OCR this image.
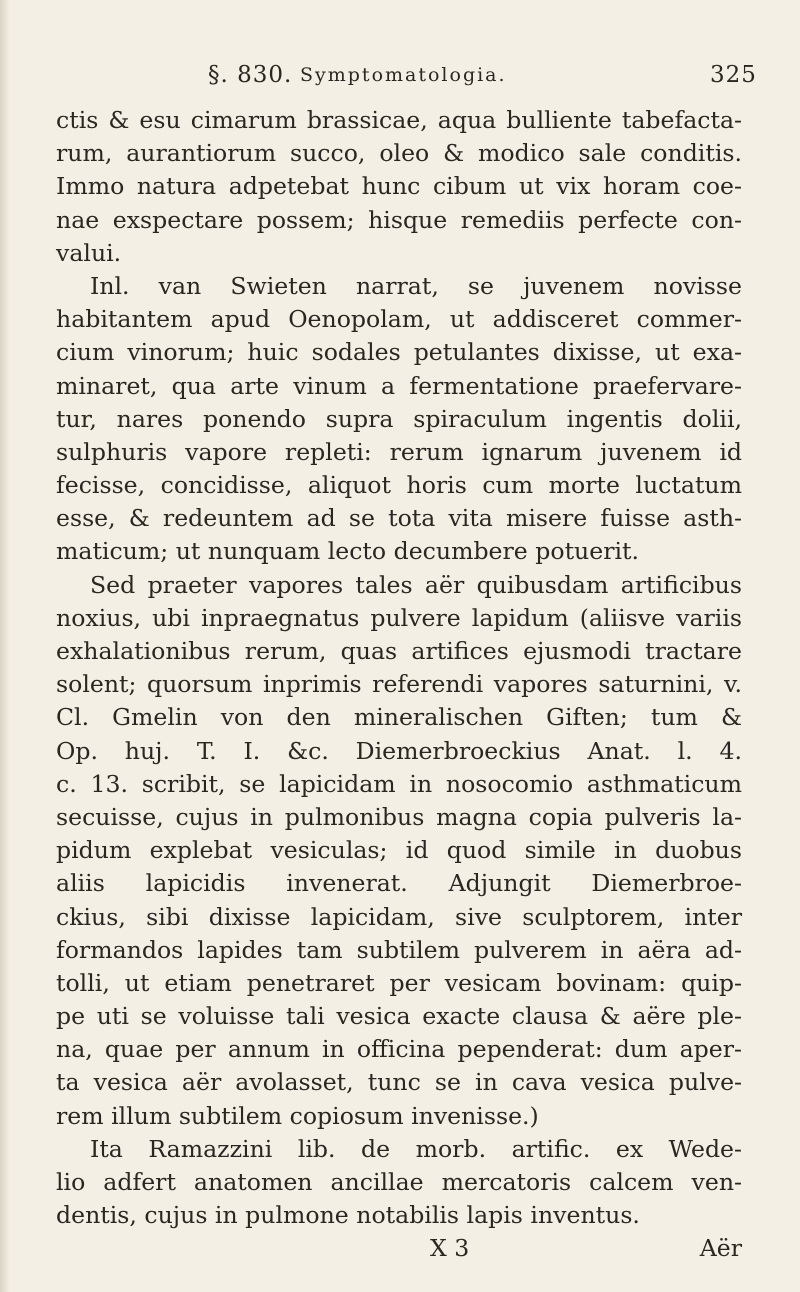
§. 830. Symptomatologia.	325
ctis & esu cimarum brassicae, aqua bulliente tabefacta-
rum, aurantiorum succo, oleo & modico sale conditis.
Immo natura adpetebat hunc cibum ut vix horam coe-
nae exspectare possem; hisque remediis perfecte con-
valui.
Inl. van Swieten narrat, se juvenem novisse
habitantem apud Oenopolam, ut addisceret commer-
cium vinorum; huic sodales petulantes dixisse, ut exa-
minaret, qua arte vinum a fermentatione praefervare-
tur, nares ponendo supra spiraculum ingentis dolii,
sulphuris vapore repleti: rerum ignarum juvenem id
fecisse, concidisse, aliquot horis cum morte luctatum
esse, & redeuntem ad se tota vita misere fuisse asth-
maticum; ut nunquam lecto decumbere potuerit.
Sed praeter vapores tales aër quibusdam artificibus
noxius, ubi inpraegnatus pulvere lapidum (aliisve variis
exhalationibus rerum, quas artifices ejusmodi tractare
solent; quorsum inprimis referendi vapores saturnini, v.
Cl. Gmelin von den mineralischen Giften; tum &
Op. huj. T. I. &c. Diemerbroeckius Anat. l. 4.
c. 13. scribit, se lapicidam in nosocomio asthmaticum
secuisse, cujus in pulmonibus magna copia pulveris la-
pidum explebat vesiculas; id quod simile in duobus
aliis lapicidis invenerat. Adjungit Diemerbroe-
ckius, sibi dixisse lapicidam, sive sculptorem, inter
formandos lapides tam subtilem pulverem in aëra ad-
tolli, ut etiam penetraret per vesicam bovinam: quip-
pe uti se voluisse tali vesica exacte clausa & aëre ple-
na, quae per annum in officina pependerat: dum aper-
ta vesica aër avolasset, tunc se in cava vesica pulve-
rem illum subtilem copiosum invenisse.)
Ita Ramazzini lib. de morb. artific. ex Wede-
lio adfert anatomen ancillae mercatoris calcem ven-
dentis, cujus in pulmone notabilis lapis inventus.
X 3	Aër
